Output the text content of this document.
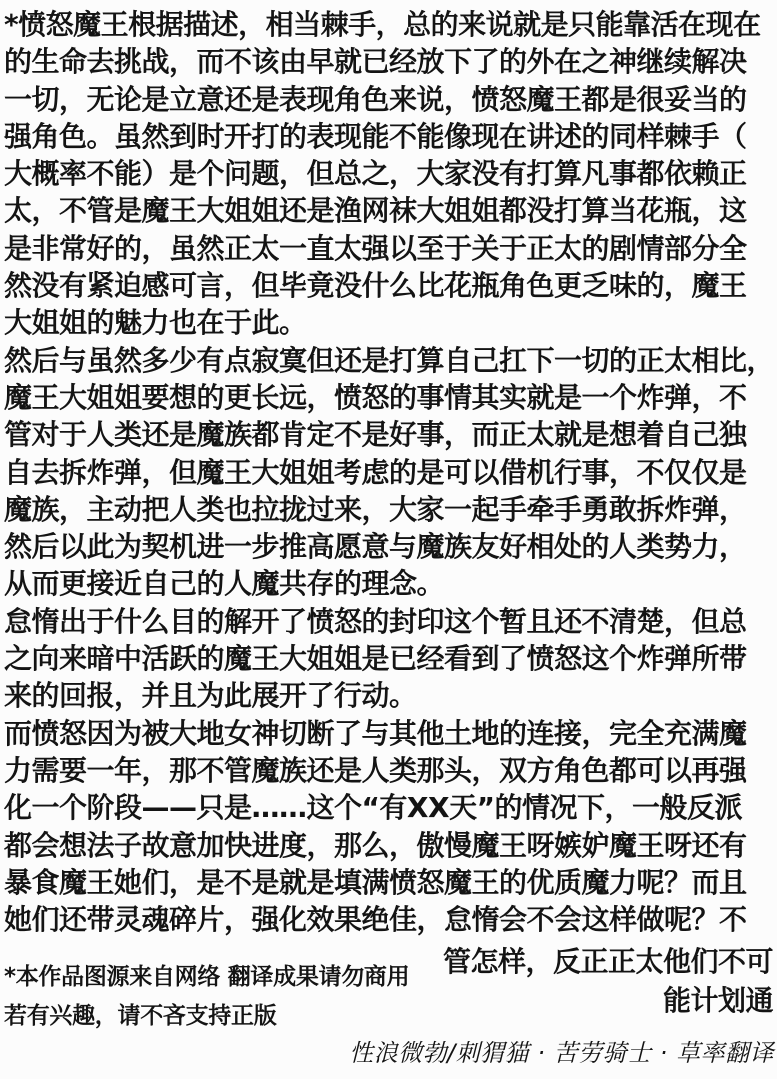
*愤怒魔王根据描述，相当棘手，总的来说就是只能靠活在现在
的生命去挑战，而不该由早就已经放下了的外在之神继续解决
一切，无论是立意还是表现角色来说，愤怒魔王都是很妥当的
强角色。虽然到时开打的表现能不能像现在讲述的同样棘手（
大概率不能）是个问题，但总之，大家没有打算凡事都依赖正
太，不管是魔王大姐姐还是渔网袜大姐姐都没打算当花瓶，这
是非常好的，虽然正太一直太强以至于关于正太的剧情部分全
然没有紧迫感可言，但毕竟没什么比花瓶角色更乏味的，魔王
大姐姐的魅力也在于此。
然后与虽然多少有点寂寞但还是打算自己扛下一切的正太相比，
魔王大姐姐要想的更长远，愤怒的事情其实就是一个炸弹，不
管对于人类还是魔族都肯定不是好事，而正太就是想着自己独
自去拆炸弹，但魔王大姐姐考虑的是可以借机行事，不仅仅是
魔族，主动把人类也拉拢过来，大家一起手牵手勇敢拆炸弹，
然后以此为契机进一步推高愿意与魔族友好相处的人类势力，
从而更接近自己的人魔共存的理念。
怠惰出于什么目的解开了愤怒的封印这个暂且还不清楚，但总
之向来暗中活跃的魔王大姐姐是已经看到了愤怒这个炸弹所带
来的回报，并且为此展开了行动。
而愤怒因为被大地女神切断了与其他土地的连接，完全充满魔
力需要一年，那不管魔族还是人类那头，双方角色都可以再强
化一个阶段——只是……这个“有XX天”的情况下，一般反派
都会想法子故意加快进度，那么，傲慢魔王呀嫉妒魔王呀还有
暴食魔王她们，是不是就是填满愤怒魔王的优质魔力呢？而且
她们还带灵魂碎片，强化效果绝佳，怠惰会不会这样做呢？不
管怎样，反正正太他们不可
能计划通
*本作品图源来自网络 翻译成果请勿商用
若有兴趣，请不吝支持正版
性浪微勃/刺猬猫 · 苦劳骑士 · 草率翻译
